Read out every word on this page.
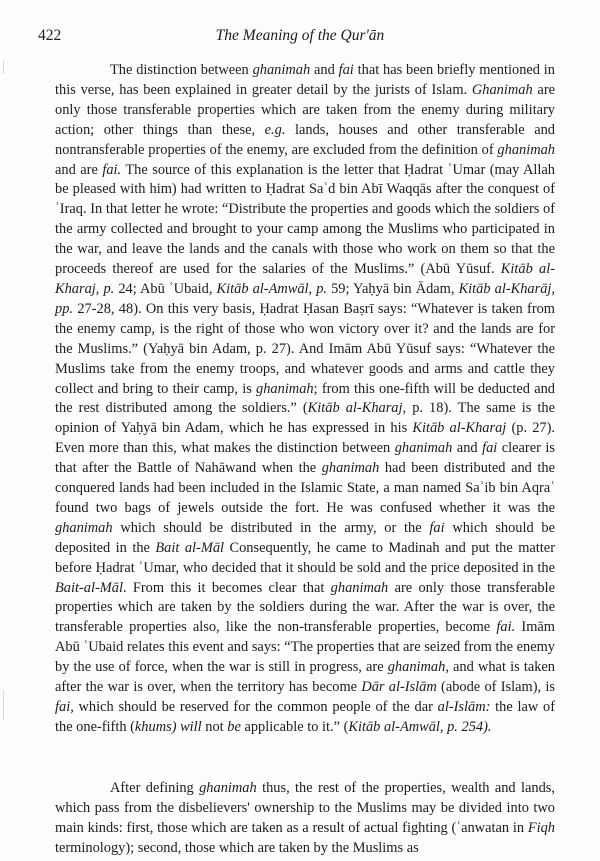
422	The Meaning of the Qur'ān

The distinction between ghanimah and fai that has been briefly mentioned in this verse, has been explained in greater detail by the jurists of Islam. Ghanimah are only those transferable properties which are taken from the enemy during military action; other things than these, e.g. lands, houses and other transferable and nontransferable properties of the enemy, are excluded from the definition of ghanimah and are fai. The source of this explanation is the letter that Ḥadrat ʿUmar (may Allah be pleased with him) had written to Ḥadrat Saʿd bin Abī Waqqās after the conquest of ʿIraq. In that letter he wrote: “Distribute the properties and goods which the soldiers of the army collected and brought to your camp among the Muslims who participated in the war, and leave the lands and the canals with those who work on them so that the proceeds thereof are used for the salaries of the Muslims.” (Abū Yūsuf. Kitāb al-Kharaj, p. 24; Abū ʿUbaid, Kitāb al-Amwāl, p. 59; Yaḥyā bin Ādam, Kitāb al-Kharāj, pp. 27-28, 48). On this very basis, Ḥadrat Ḥasan Baṣrī says: “Whatever is taken from the enemy camp, is the right of those who won victory over it? and the lands are for the Muslims.” (Yaḥyā bin Adam, p. 27). And Imām Abū Yūsuf says: “Whatever the Muslims take from the enemy troops, and whatever goods and arms and cattle they collect and bring to their camp, is ghanimah; from this one-fifth will be deducted and the rest distributed among the soldiers.” (Kitāb al-Kharaj, p. 18). The same is the opinion of Yaḥyā bin Adam, which he has expressed in his Kitāb al-Kharaj (p. 27). Even more than this, what makes the distinction between ghanimah and fai clearer is that after the Battle of Nahāwand when the ghanimah had been distributed and the conquered lands had been included in the Islamic State, a man named Saʾib bin Aqraʿ found two bags of jewels outside the fort. He was confused whether it was the ghanimah which should be distributed in the army, or the fai which should be deposited in the Bait al-Māl Consequently, he came to Madinah and put the matter before Ḥadrat ʿUmar, who decided that it should be sold and the price deposited in the Bait-al-Māl. From this it becomes clear that ghanimah are only those transferable properties which are taken by the soldiers during the war. After the war is over, the transferable properties also, like the non-transferable properties, become fai. Imām Abū ʿUbaid relates this event and says: “The properties that are seized from the enemy by the use of force, when the war is still in progress, are ghanimah, and what is taken after the war is over, when the territory has become Dār al-Islām (abode of Islam), is fai, which should be reserved for the common people of the dar al-Islām: the law of the one-fifth (khums) will not be applicable to it.” (Kitāb al-Amwāl, p. 254).

After defining ghanimah thus, the rest of the properties, wealth and lands, which pass from the disbelievers' ownership to the Muslims may be divided into two main kinds: first, those which are taken as a result of actual fighting (ʿanwatan in Fiqh terminology); second, those which are taken by the Muslims as
